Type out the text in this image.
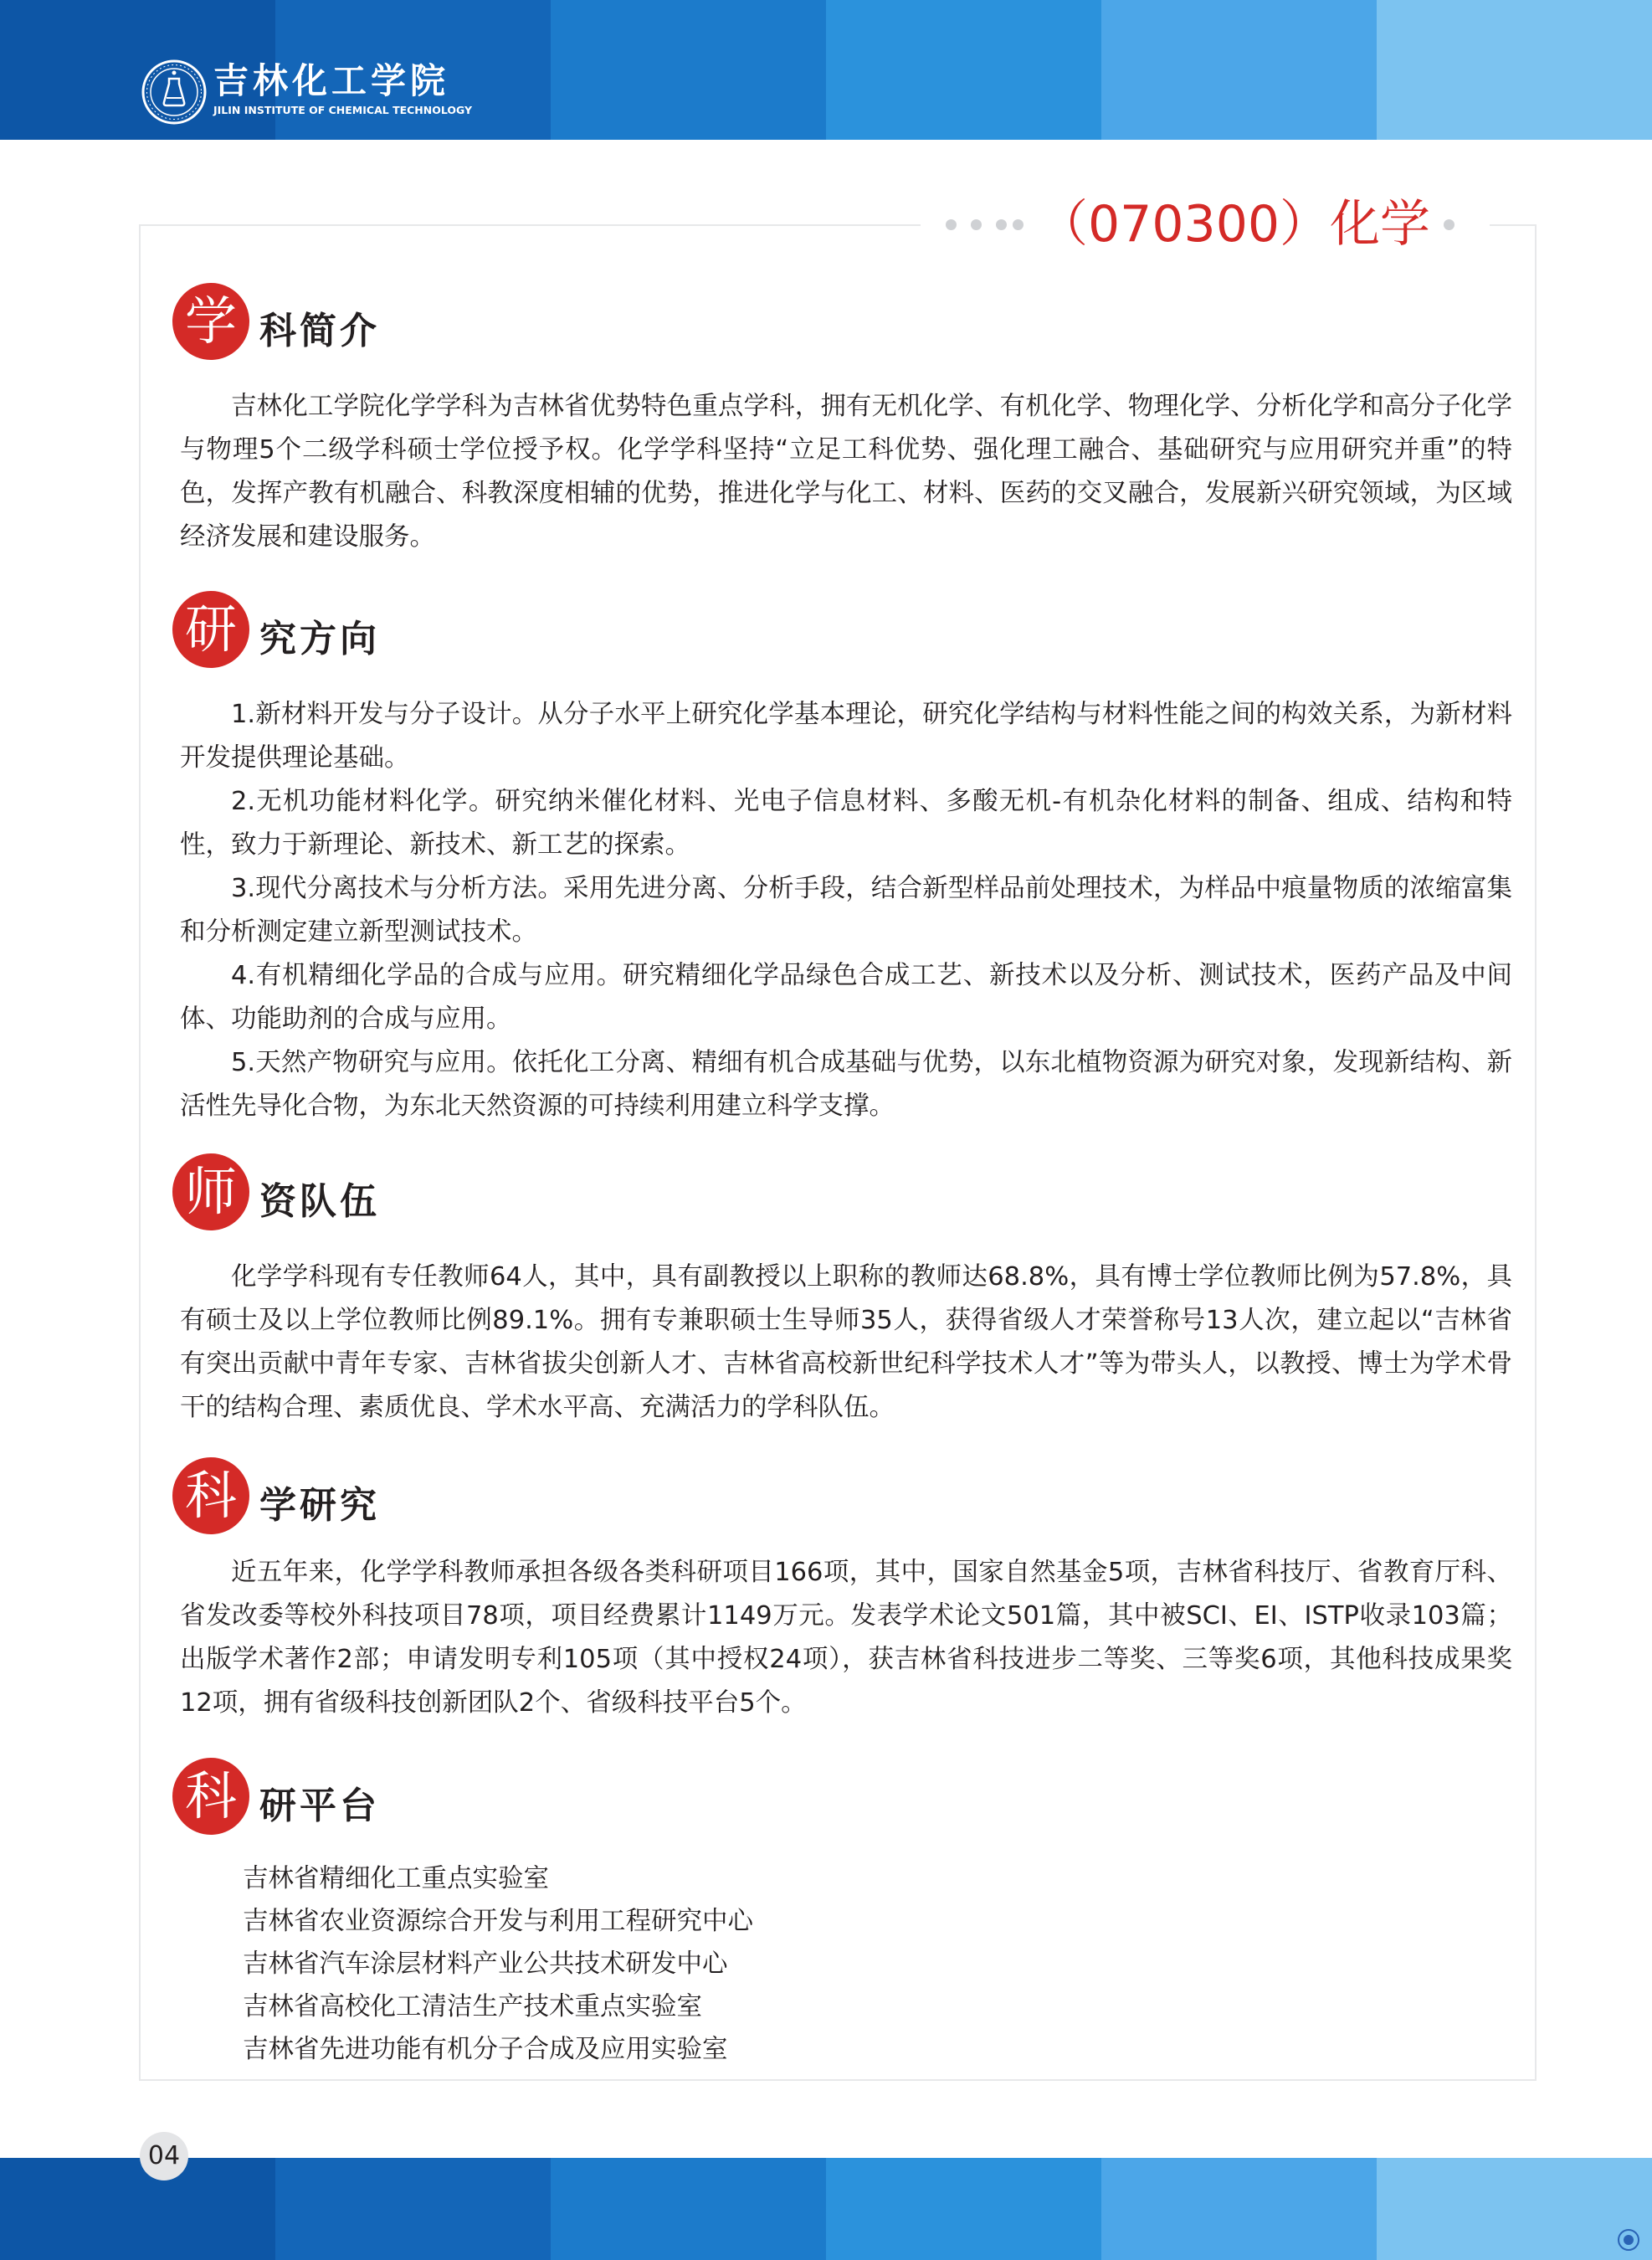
吉林化工学院
JILIN INSTITUTE OF CHEMICAL TECHNOLOGY
（070300）化学
学 科简介

吉林化工学院化学学科为吉林省优势特色重点学科，拥有无机化学、有机化学、物理化学、分析化学和高分子化学与物理5个二级学科硕士学位授予权。化学学科坚持“立足工科优势、强化理工融合、基础研究与应用研究并重”的特色，发挥产教有机融合、科教深度相辅的优势，推进化学与化工、材料、医药的交叉融合，发展新兴研究领域，为区域经济发展和建设服务。

研 究方向

1.新材料开发与分子设计。从分子水平上研究化学基本理论，研究化学结构与材料性能之间的构效关系，为新材料开发提供理论基础。

2.无机功能材料化学。研究纳米催化材料、光电子信息材料、多酸无机-有机杂化材料的制备、组成、结构和特性，致力于新理论、新技术、新工艺的探索。

3.现代分离技术与分析方法。采用先进分离、分析手段，结合新型样品前处理技术，为样品中痕量物质的浓缩富集和分析测定建立新型测试技术。

4.有机精细化学品的合成与应用。研究精细化学品绿色合成工艺、新技术以及分析、测试技术，医药产品及中间体、功能助剂的合成与应用。

5.天然产物研究与应用。依托化工分离、精细有机合成基础与优势，以东北植物资源为研究对象，发现新结构、新活性先导化合物，为东北天然资源的可持续利用建立科学支撑。

师 资队伍

化学学科现有专任教师64人，其中，具有副教授以上职称的教师达68.8%，具有博士学位教师比例为57.8%，具有硕士及以上学位教师比例89.1%。拥有专兼职硕士生导师35人，获得省级人才荣誉称号13人次，建立起以“吉林省有突出贡献中青年专家、吉林省拔尖创新人才、吉林省高校新世纪科学技术人才”等为带头人，以教授、博士为学术骨干的结构合理、素质优良、学术水平高、充满活力的学科队伍。

科 学研究

近五年来，化学学科教师承担各级各类科研项目166项，其中，国家自然基金5项，吉林省科技厅、省教育厅科、省发改委等校外科技项目78项，项目经费累计1149万元。发表学术论文501篇，其中被SCI、EI、ISTP收录103篇；出版学术著作2部；申请发明专利105项（其中授权24项），获吉林省科技进步二等奖、三等奖6项，其他科技成果奖12项，拥有省级科技创新团队2个、省级科技平台5个。

科 研平台
吉林省精细化工重点实验室
吉林省农业资源综合开发与利用工程研究中心
吉林省汽车涂层材料产业公共技术研发中心
吉林省高校化工清洁生产技术重点实验室
吉林省先进功能有机分子合成及应用实验室
04
